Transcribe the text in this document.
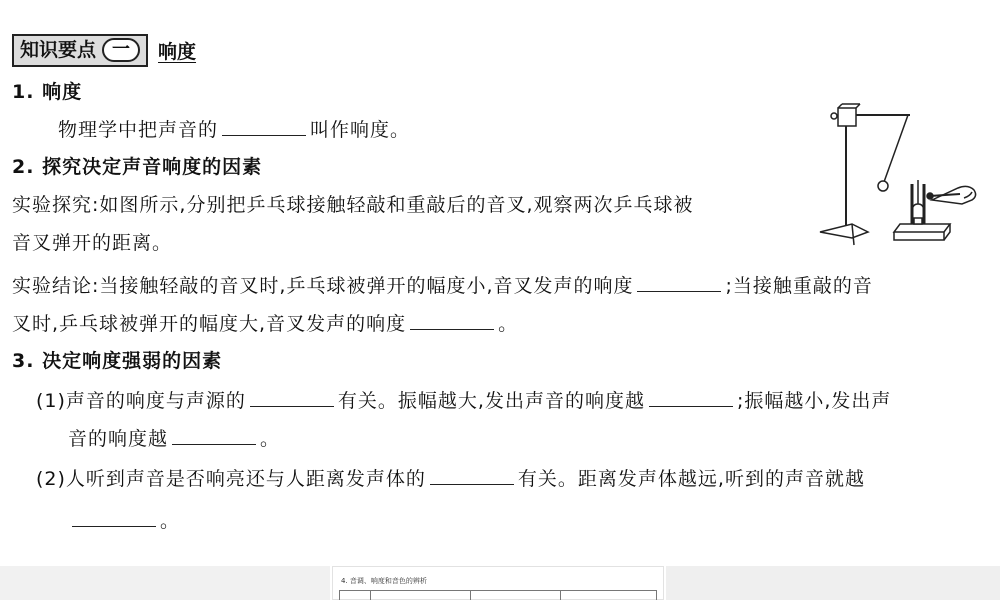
知识要点 一	响度
1. 响度
物理学中把声音的	叫作响度。
2. 探究决定声音响度的因素
实验探究:如图所示,分别把乒乓球接触轻敲和重敲后的音叉,观察两次乒乓球被
音叉弹开的距离。
实验结论:当接触轻敲的音叉时,乒乓球被弹开的幅度小,音叉发声的响度	;当接触重敲的音
叉时,乒乓球被弹开的幅度大,音叉发声的响度	。
3. 决定响度强弱的因素
(1)声音的响度与声源的	有关。振幅越大,发出声音的响度越	;振幅越小,发出声
音的响度越	。
(2)人听到声音是否响亮还与人距离发声体的	有关。距离发声体越远,听到的声音就越
。
4. 音调、响度和音色的辨析
